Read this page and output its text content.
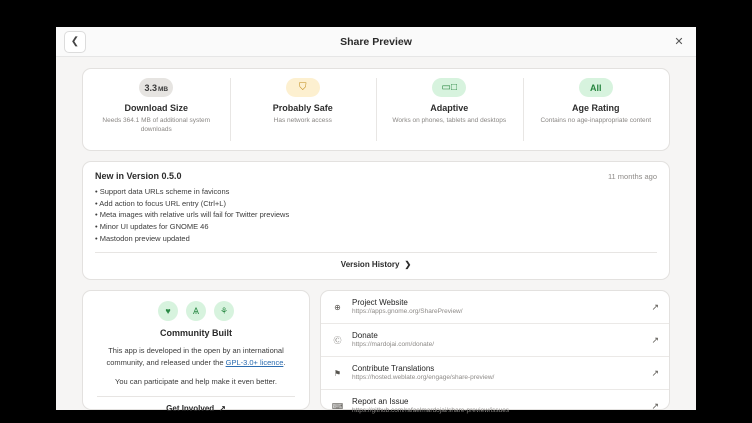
❮	Share Preview	✕
3.3MB
Download Size
Needs 364.1 MB of additional system downloads
⛉
Probably Safe
Has network access
▭□
Adaptive
Works on phones, tablets and desktops
All
Age Rating
Contains no age-inappropriate content
New in Version 0.5.0	11 months ago
• Support data URLs scheme in favicons
• Add action to focus URL entry (Ctrl+L)
• Meta images with relative urls will fail for Twitter previews
• Minor UI updates for GNOME 46
• Mastodon preview updated
Version History ❯
♥	Ѧ	⚘
Community Built

This app is developed in the open by an international community, and released under the GPL-3.0+ licence.

You can participate and help make it even better.

Get Involved ↗
⊕
Project Website
https://apps.gnome.org/SharePreview/	↗
Ⓒ
Donate
https://mardojai.com/donate/	↗
⚑
Contribute Translations
https://hosted.weblate.org/engage/share-preview/	↗
⌨
Report an Issue
https://github.com/rafaelmardojai/share-preview/issues	↗
